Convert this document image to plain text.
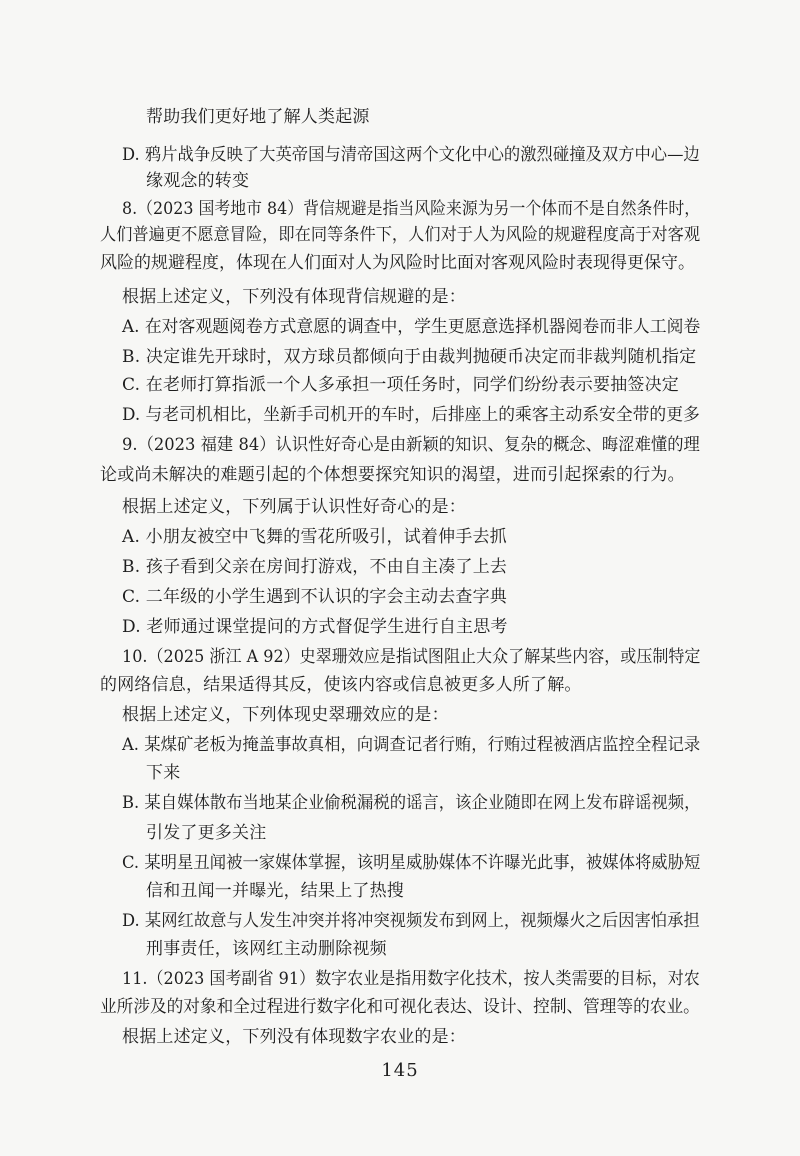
帮助我们更好地了解人类起源
D. 鸦片战争反映了大英帝国与清帝国这两个文化中心的激烈碰撞及双方中心—边
缘观念的转变
8.（2023 国考地市 84）背信规避是指当风险来源为另一个体而不是自然条件时，
人们普遍更不愿意冒险，即在同等条件下，人们对于人为风险的规避程度高于对客观
风险的规避程度，体现在人们面对人为风险时比面对客观风险时表现得更保守。
根据上述定义，下列没有体现背信规避的是：
A. 在对客观题阅卷方式意愿的调查中，学生更愿意选择机器阅卷而非人工阅卷
B. 决定谁先开球时，双方球员都倾向于由裁判抛硬币决定而非裁判随机指定
C. 在老师打算指派一个人多承担一项任务时，同学们纷纷表示要抽签决定
D. 与老司机相比，坐新手司机开的车时，后排座上的乘客主动系安全带的更多
9.（2023 福建 84）认识性好奇心是由新颖的知识、复杂的概念、晦涩难懂的理
论或尚未解决的难题引起的个体想要探究知识的渴望，进而引起探索的行为。
根据上述定义，下列属于认识性好奇心的是：
A. 小朋友被空中飞舞的雪花所吸引，试着伸手去抓
B. 孩子看到父亲在房间打游戏，不由自主凑了上去
C. 二年级的小学生遇到不认识的字会主动去查字典
D. 老师通过课堂提问的方式督促学生进行自主思考
10.（2025 浙江 A 92）史翠珊效应是指试图阻止大众了解某些内容，或压制特定
的网络信息，结果适得其反，使该内容或信息被更多人所了解。
根据上述定义，下列体现史翠珊效应的是：
A. 某煤矿老板为掩盖事故真相，向调查记者行贿，行贿过程被酒店监控全程记录
下来
B. 某自媒体散布当地某企业偷税漏税的谣言，该企业随即在网上发布辟谣视频，
引发了更多关注
C. 某明星丑闻被一家媒体掌握，该明星威胁媒体不许曝光此事，被媒体将威胁短
信和丑闻一并曝光，结果上了热搜
D. 某网红故意与人发生冲突并将冲突视频发布到网上，视频爆火之后因害怕承担
刑事责任，该网红主动删除视频
11.（2023 国考副省 91）数字农业是指用数字化技术，按人类需要的目标，对农
业所涉及的对象和全过程进行数字化和可视化表达、设计、控制、管理等的农业。
根据上述定义，下列没有体现数字农业的是：
145
